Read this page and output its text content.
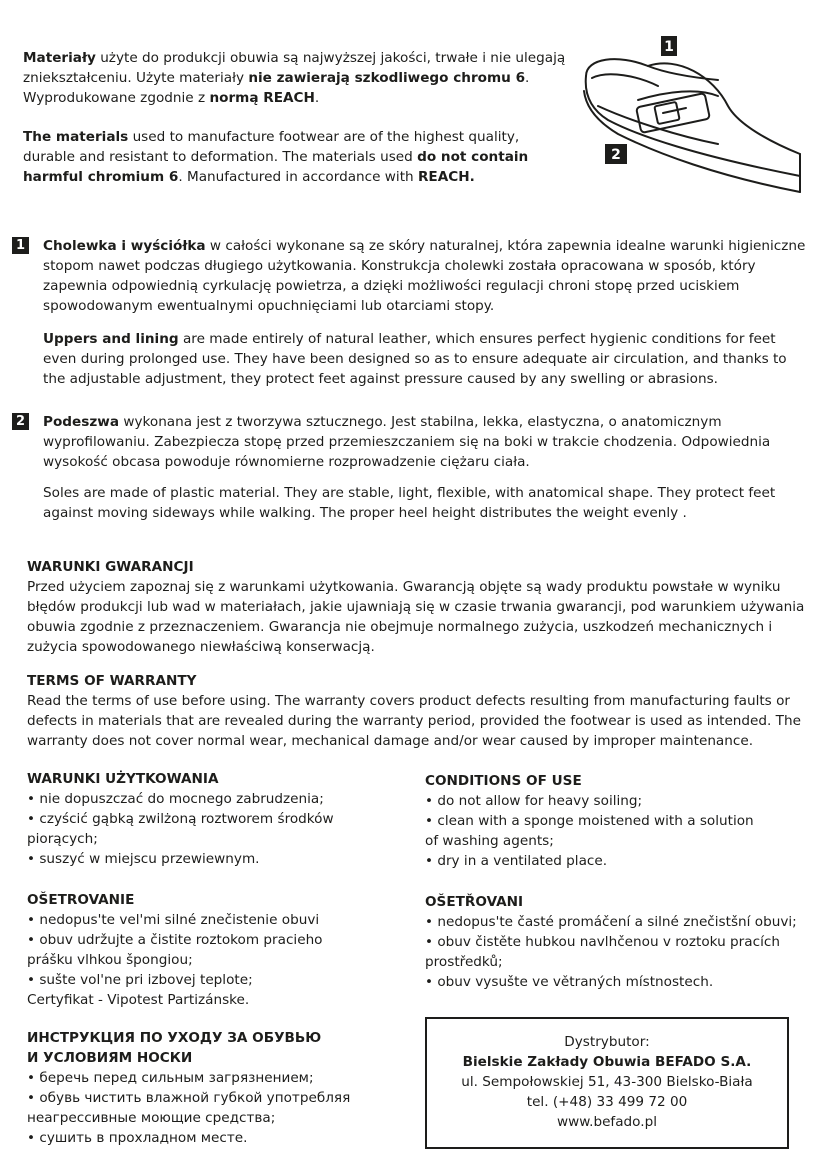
Materiały użyte do produkcji obuwia są najwyższej jakości, trwałe i nie ulegają zniekształceniu. Użyte materiały nie zawierają szkodliwego chromu 6. Wyprodukowane zgodnie z normą REACH.

The materials used to manufacture footwear are of the highest quality, durable and resistant to deformation. The materials used do not contain harmful chromium 6. Manufactured in accordance with REACH.

1
2
1 Cholewka i wyściółka w całości wykonane są ze skóry naturalnej, która zapewnia idealne warunki higieniczne stopom nawet podczas długiego użytkowania. Konstrukcja cholewki została opracowana w sposób, który zapewnia odpowiednią cyrkulację powietrza, a dzięki możliwości regulacji chroni stopę przed uciskiem spowodowanym ewentualnymi opuchnięciami lub otarciami stopy.

Uppers and lining are made entirely of natural leather, which ensures perfect hygienic conditions for feet even during prolonged use. They have been designed so as to ensure adequate air circulation, and thanks to the adjustable adjustment, they protect feet against pressure caused by any swelling or abrasions.

2 Podeszwa wykonana jest z tworzywa sztucznego. Jest stabilna, lekka, elastyczna, o anatomicznym wyprofilowaniu. Zabezpiecza stopę przed przemieszczaniem się na boki w trakcie chodzenia. Odpowiednia wysokość obcasa powoduje równomierne rozprowadzenie ciężaru ciała.

Soles are made of plastic material. They are stable, light, flexible, with anatomical shape. They protect feet against moving sideways while walking. The proper heel height distributes the weight evenly .

WARUNKI GWARANCJI

Przed użyciem zapoznaj się z warunkami użytkowania. Gwarancją objęte są wady produktu powstałe w wyniku błędów produkcji lub wad w materiałach, jakie ujawniają się w czasie trwania gwarancji, pod warunkiem używania obuwia zgodnie z przeznaczeniem. Gwarancja nie obejmuje normalnego zużycia, uszkodzeń mechanicznych i zużycia spowodowanego niewłaściwą konserwacją.

TERMS OF WARRANTY

Read the terms of use before using. The warranty covers product defects resulting from manufacturing faults or defects in materials that are revealed during the warranty period, provided the footwear is used as intended. The warranty does not cover normal wear, mechanical damage and/or wear caused by improper maintenance.

WARUNKI UŻYTKOWANIA

• nie dopuszczać do mocnego zabrudzenia;

• czyścić gąbką zwilżoną roztworem środków

piorących;

• suszyć w miejscu przewiewnym.

CONDITIONS OF USE

• do not allow for heavy soiling;

• clean with a sponge moistened with a solution

of washing agents;

• dry in a ventilated place.

OŠETROVANIE

• nedopus'te vel'mi silné znečistenie obuvi

• obuv udržujte a čistite roztokom pracieho

prášku vlhkou špongiou;

• sušte vol'ne pri izbovej teplote;

Certyfikat - Vipotest Partizánske.

OŠETŘOVANI

• nedopus'te časté promáčení a silné znečistšní obuvi;

• obuv čistěte hubkou navlhčenou v roztoku pracích

prostředků;

• obuv vysušte ve větraných místnostech.

ИНСТРУКЦИЯ ПО УХОДУ ЗА ОБУВЬЮ

И УСЛОВИЯМ НОСКИ

• беречь перед сильным загрязнением;

• обувь чистить влажной губкой употребляя

неагрессивные моющие средства;

• сушить в прохладном месте.

Dystrybutor:

Bielskie Zakłady Obuwia BEFADO S.A.

ul. Sempołowskiej 51, 43-300 Bielsko-Biała

tel. (+48) 33 499 72 00

www.befado.pl
